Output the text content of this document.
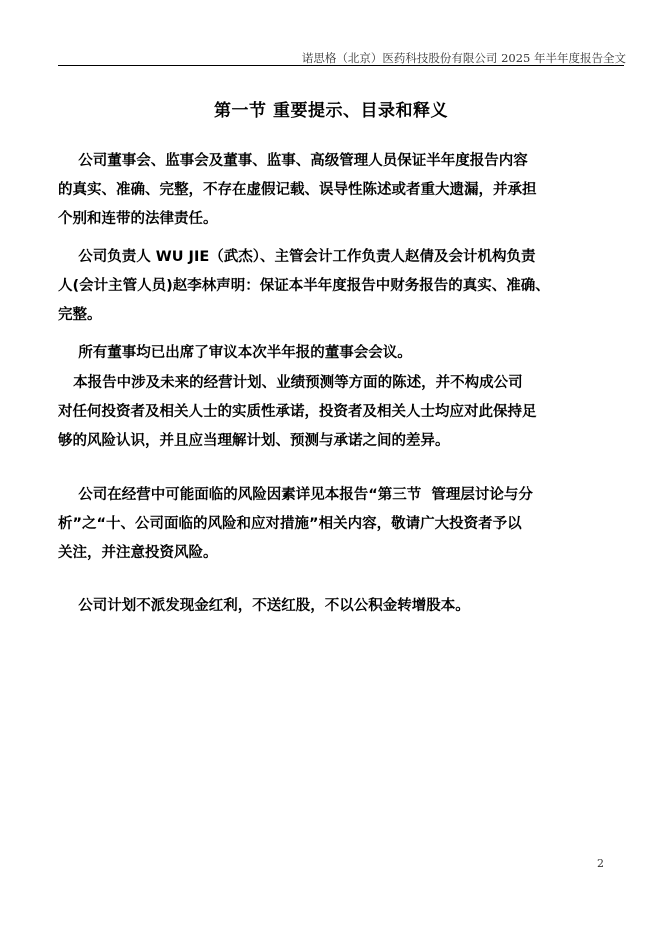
诺思格（北京）医药科技股份有限公司 2025 年半年度报告全文
第一节 重要提示、目录和释义
公司董事会、监事会及董事、监事、高级管理人员保证半年度报告内容
的真实、准确、完整，不存在虚假记载、误导性陈述或者重大遗漏，并承担
个别和连带的法律责任。
公司负责人 WU JIE（武杰）、主管会计工作负责人赵倩及会计机构负责
人(会计主管人员)赵李林声明：保证本半年度报告中财务报告的真实、准确、
完整。
所有董事均已出席了审议本次半年报的董事会会议。
本报告中涉及未来的经营计划、业绩预测等方面的陈述，并不构成公司
对任何投资者及相关人士的实质性承诺，投资者及相关人士均应对此保持足
够的风险认识，并且应当理解计划、预测与承诺之间的差异。
公司在经营中可能面临的风险因素详见本报告“第三节  管理层讨论与分
析”之“十、公司面临的风险和应对措施”相关内容，敬请广大投资者予以
关注，并注意投资风险。
公司计划不派发现金红利，不送红股，不以公积金转增股本。
2
